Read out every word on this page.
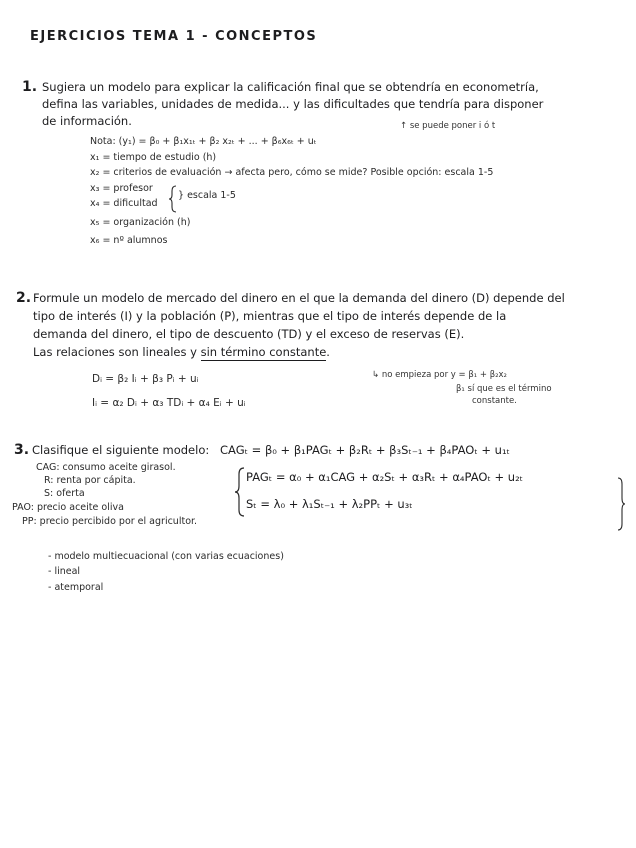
EJERCICIOS TEMA 1 - CONCEPTOS
1. Sugiera un modelo para explicar la calificación final que se obtendría en econometría,
defina las variables, unidades de medida... y las dificultades que tendría para disponer
de información.	↑ se puede poner i ó t
Nota: (y₁) = β₀ + β₁x₁ₜ + β₂ x₂ₜ + ... + β₆x₆ₜ + uₜ
x₁ = tiempo de estudio (h)
x₂ = criterios de evaluación → afecta pero, cómo se mide? Posible opción: escala 1-5
x₃ = profesor
x₄ = dificultad
} escala 1-5
x₅ = organización (h)
x₆ = nº alumnos
2. Formule un modelo de mercado del dinero en el que la demanda del dinero (D) depende del
tipo de interés (I) y la población (P), mientras que el tipo de interés depende de la
demanda del dinero, el tipo de descuento (TD) y el exceso de reservas (E).
Las relaciones son lineales y sin término constante.
Dᵢ = β₂ Iᵢ + β₃ Pᵢ + uᵢ
Iᵢ = α₂ Dᵢ + α₃ TDᵢ + α₄ Eᵢ + uᵢ
↳ no empieza por y = β₁ + β₂x₂
β₁ sí que es el término
constante.
3. Clasifique el siguiente modelo: CAGₜ = β₀ + β₁PAGₜ + β₂Rₜ + β₃Sₜ₋₁ + β₄PAOₜ + u₁ₜ
PAGₜ = α₀ + α₁CAG + α₂Sₜ + α₃Rₜ + α₄PAOₜ + u₂ₜ
Sₜ = λ₀ + λ₁Sₜ₋₁ + λ₂PPₜ + u₃ₜ
CAG: consumo aceite girasol.
R: renta por cápita.
S: oferta
PAO: precio aceite oliva
PP: precio percibido por el agricultor.
- modelo multiecuacional (con varias ecuaciones)
- lineal
- atemporal
